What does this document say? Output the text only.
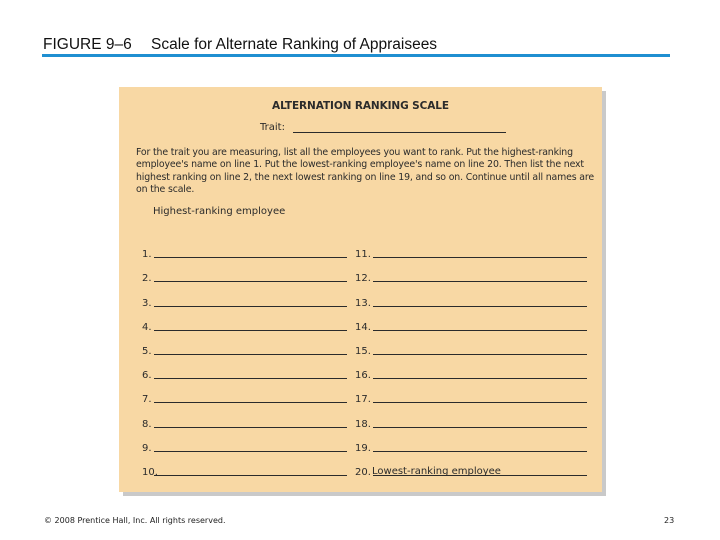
FIGURE 9–6 Scale for Alternate Ranking of Appraisees
ALTERNATION RANKING SCALE
Trait:
For the trait you are measuring, list all the employees you want to rank. Put the highest-ranking employee's name on line 1. Put the lowest-ranking employee's name on line 20. Then list the next highest ranking on line 2, the next lowest ranking on line 19, and so on. Continue until all names are on the scale.
Highest-ranking employee
1.
2.
3.
4.
5.
6.
7.
8.
9.
10.
11.
12.
13.
14.
15.
16.
17.
18.
19.
20. Lowest-ranking employee
© 2008 Prentice Hall, Inc. All rights reserved.	23
